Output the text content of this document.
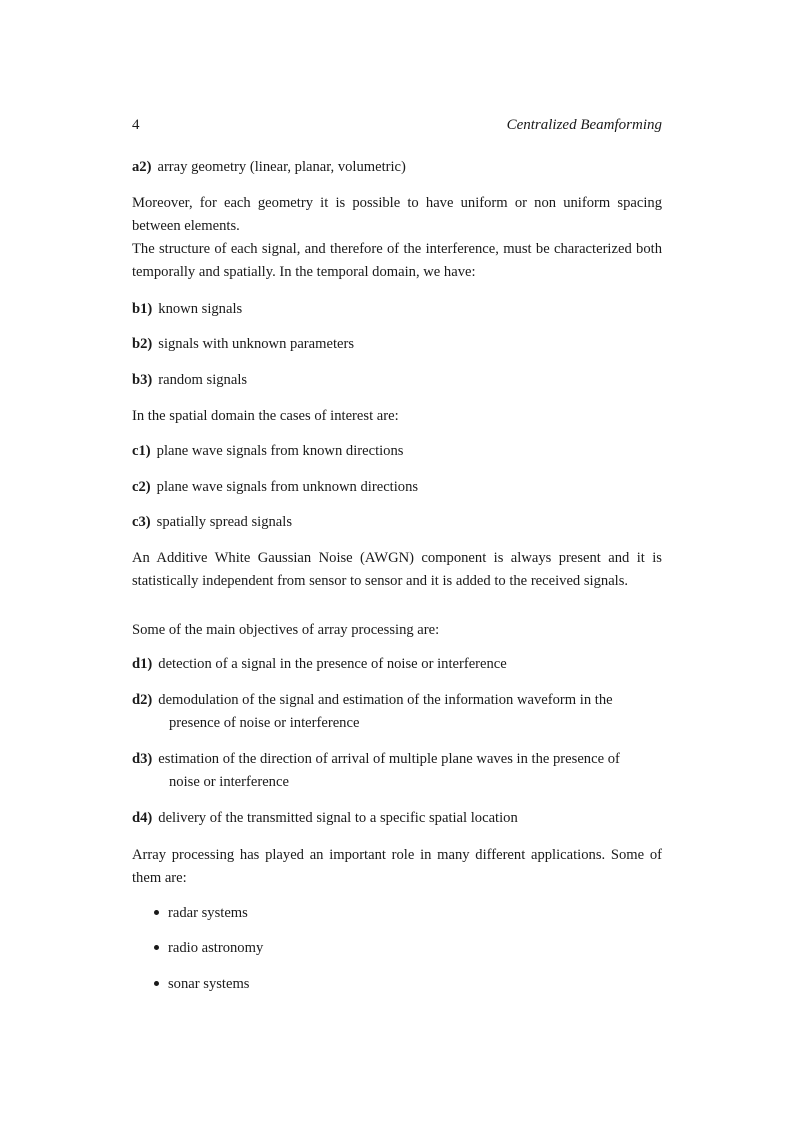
4	Centralized Beamforming
a2) array geometry (linear, planar, volumetric)
Moreover, for each geometry it is possible to have uniform or non uniform spacing between elements.
The structure of each signal, and therefore of the interference, must be characterized both temporally and spatially. In the temporal domain, we have:
b1) known signals
b2) signals with unknown parameters
b3) random signals
In the spatial domain the cases of interest are:
c1) plane wave signals from known directions
c2) plane wave signals from unknown directions
c3) spatially spread signals
An Additive White Gaussian Noise (AWGN) component is always present and it is statistically independent from sensor to sensor and it is added to the received signals.
Some of the main objectives of array processing are:
d1) detection of a signal in the presence of noise or interference
d2) demodulation of the signal and estimation of the information waveform in the
presence of noise or interference
d3) estimation of the direction of arrival of multiple plane waves in the presence of
noise or interference
d4) delivery of the transmitted signal to a specific spatial location
Array processing has played an important role in many different applications. Some of them are:
radar systems
radio astronomy
sonar systems
